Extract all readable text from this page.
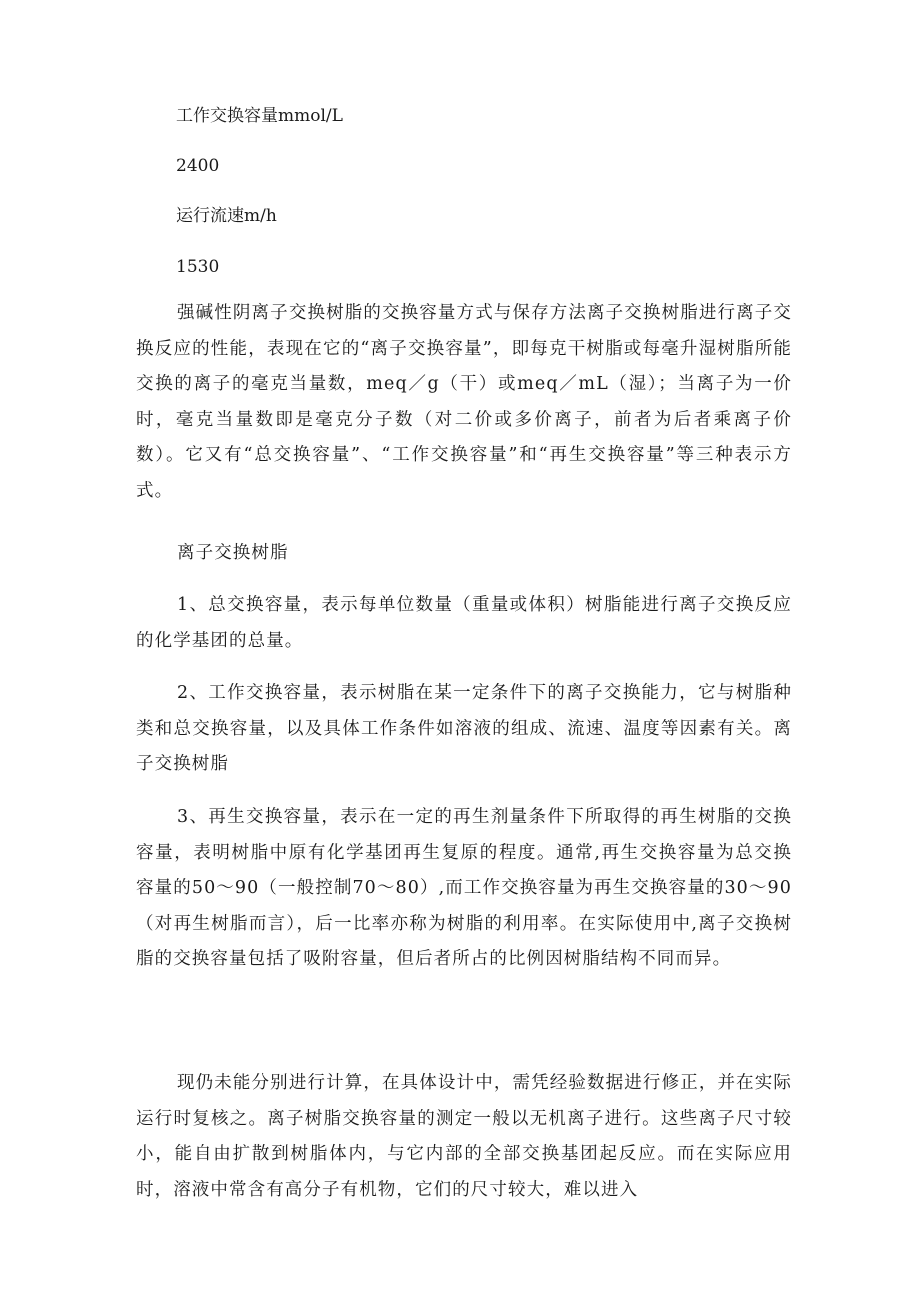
工作交换容量mmol/L

2400

运行流速m/h

1530

强碱性阴离子交换树脂的交换容量方式与保存方法离子交换树脂进行离子交换反应的性能，表现在它的“离子交换容量”，即每克干树脂或每毫升湿树脂所能交换的离子的毫克当量数，meq／g（干）或meq／mL（湿）；当离子为一价时，毫克当量数即是毫克分子数（对二价或多价离子，前者为后者乘离子价数）。它又有“总交换容量”、“工作交换容量”和“再生交换容量”等三种表示方式。

离子交换树脂

1、总交换容量，表示每单位数量（重量或体积）树脂能进行离子交换反应的化学基团的总量。

2、工作交换容量，表示树脂在某一定条件下的离子交换能力，它与树脂种类和总交换容量，以及具体工作条件如溶液的组成、流速、温度等因素有关。离子交换树脂

3、再生交换容量，表示在一定的再生剂量条件下所取得的再生树脂的交换容量，表明树脂中原有化学基团再生复原的程度。通常,再生交换容量为总交换容量的50～90（一般控制70～80）,而工作交换容量为再生交换容量的30～90（对再生树脂而言），后一比率亦称为树脂的利用率。在实际使用中,离子交换树脂的交换容量包括了吸附容量，但后者所占的比例因树脂结构不同而异。

现仍未能分别进行计算，在具体设计中，需凭经验数据进行修正，并在实际运行时复核之。离子树脂交换容量的测定一般以无机离子进行。这些离子尺寸较小，能自由扩散到树脂体内，与它内部的全部交换基团起反应。而在实际应用时，溶液中常含有高分子有机物，它们的尺寸较大，难以进入
